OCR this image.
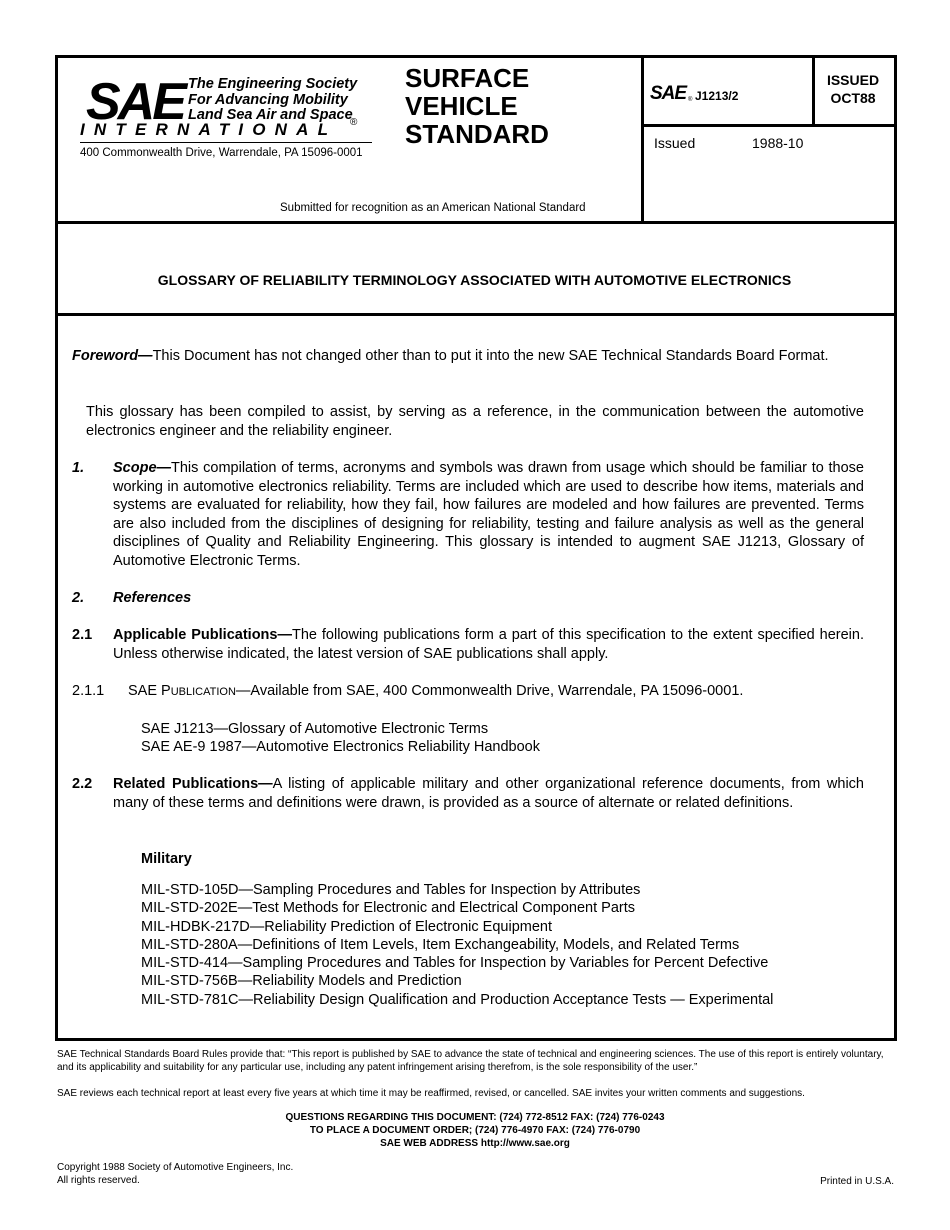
SAE The Engineering Society
For Advancing Mobility
Land Sea Air and Space
®
INTERNATIONAL
400 Commonwealth Drive, Warrendale, PA 15096-0001
SURFACE
VEHICLE
STANDARD
Submitted for recognition as an American National Standard
SAE ® J1213/2
ISSUED
OCT88
Issued	1988-10
GLOSSARY OF RELIABILITY TERMINOLOGY ASSOCIATED WITH AUTOMOTIVE ELECTRONICS
Foreword—This Document has not changed other than to put it into the new SAE Technical Standards Board Format.
This glossary has been compiled to assist, by serving as a reference, in the communication between the automotive electronics engineer and the reliability engineer.
1. Scope—This compilation of terms, acronyms and symbols was drawn from usage which should be familiar to those working in automotive electronics reliability. Terms are included which are used to describe how items, materials and systems are evaluated for reliability, how they fail, how failures are modeled and how failures are prevented. Terms are also included from the disciplines of designing for reliability, testing and failure analysis as well as the general disciplines of Quality and Reliability Engineering. This glossary is intended to augment SAE J1213, Glossary of Automotive Electronic Terms.
2. References
2.1 Applicable Publications—The following publications form a part of this specification to the extent specified herein. Unless otherwise indicated, the latest version of SAE publications shall apply.
2.1.1 SAE PUBLICATION—Available from SAE, 400 Commonwealth Drive, Warrendale, PA 15096-0001.
SAE J1213—Glossary of Automotive Electronic Terms
SAE AE-9 1987—Automotive Electronics Reliability Handbook
2.2 Related Publications—A listing of applicable military and other organizational reference documents, from which many of these terms and definitions were drawn, is provided as a source of alternate or related definitions.
Military
MIL-STD-105D—Sampling Procedures and Tables for Inspection by Attributes
MIL-STD-202E—Test Methods for Electronic and Electrical Component Parts
MIL-HDBK-217D—Reliability Prediction of Electronic Equipment
MIL-STD-280A—Definitions of Item Levels, Item Exchangeability, Models, and Related Terms
MIL-STD-414—Sampling Procedures and Tables for Inspection by Variables for Percent Defective
MIL-STD-756B—Reliability Models and Prediction
MIL-STD-781C—Reliability Design Qualification and Production Acceptance Tests — Experimental
SAE Technical Standards Board Rules provide that: “This report is published by SAE to advance the state of technical and engineering sciences. The use of this report is entirely voluntary, and its applicability and suitability for any particular use, including any patent infringement arising therefrom, is the sole responsibility of the user.”
SAE reviews each technical report at least every five years at which time it may be reaffirmed, revised, or cancelled. SAE invites your written comments and suggestions.
QUESTIONS REGARDING THIS DOCUMENT: (724) 772-8512 FAX: (724) 776-0243
TO PLACE A DOCUMENT ORDER; (724) 776-4970 FAX: (724) 776-0790
SAE WEB ADDRESS http://www.sae.org
Copyright 1988 Society of Automotive Engineers, Inc.
All rights reserved.	Printed in U.S.A.
